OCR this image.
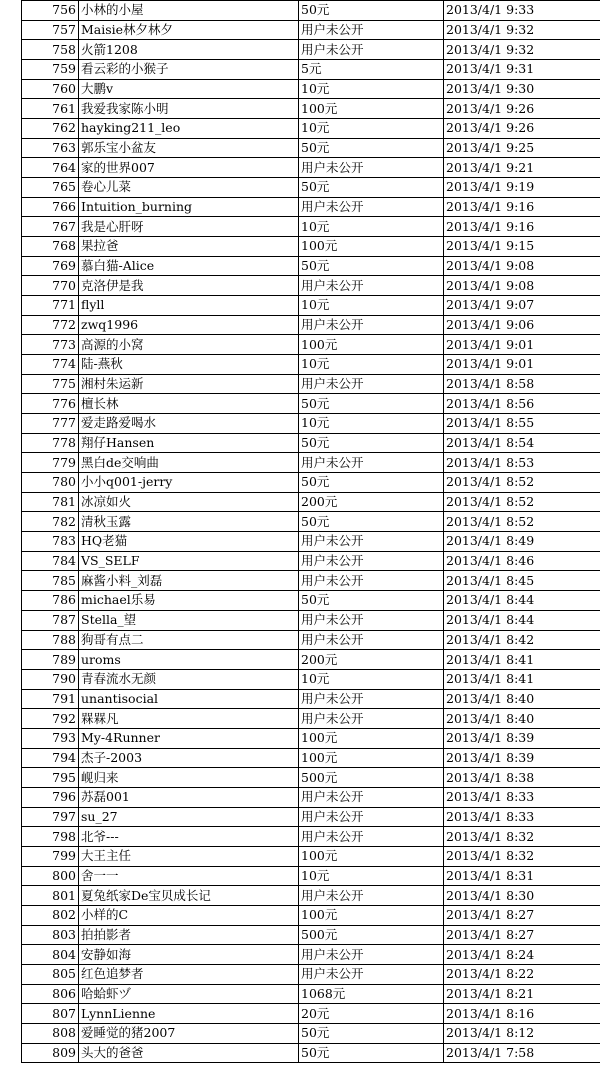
756	小林的小屋	50元	2013/4/1 9:33
757	Maisie林夕林夕	用户未公开	2013/4/1 9:32
758	火箭1208	用户未公开	2013/4/1 9:32
759	看云彩的小猴子	5元	2013/4/1 9:31
760	大鹏v	10元	2013/4/1 9:30
761	我爱我家陈小明	100元	2013/4/1 9:26
762	hayking211_leo	10元	2013/4/1 9:26
763	郭乐宝小盆友	50元	2013/4/1 9:25
764	家的世界007	用户未公开	2013/4/1 9:21
765	卷心儿菜	50元	2013/4/1 9:19
766	Intuition_burning	用户未公开	2013/4/1 9:16
767	我是心肝呀	10元	2013/4/1 9:16
768	果拉爸	100元	2013/4/1 9:15
769	慕白猫-Alice	50元	2013/4/1 9:08
770	克洛伊是我	用户未公开	2013/4/1 9:08
771	flyll	10元	2013/4/1 9:07
772	zwq1996	用户未公开	2013/4/1 9:06
773	高源的小窝	100元	2013/4/1 9:01
774	陆-燕秋	10元	2013/4/1 9:01
775	湘村朱运新	用户未公开	2013/4/1 8:58
776	檀长林	50元	2013/4/1 8:56
777	爱走路爱喝水	10元	2013/4/1 8:55
778	翔仔Hansen	50元	2013/4/1 8:54
779	黑白de交响曲	用户未公开	2013/4/1 8:53
780	小小q001-jerry	50元	2013/4/1 8:52
781	冰凉如火	200元	2013/4/1 8:52
782	清秋玉露	50元	2013/4/1 8:52
783	HQ老猫	用户未公开	2013/4/1 8:49
784	VS_SELF	用户未公开	2013/4/1 8:46
785	麻酱小料_刘磊	用户未公开	2013/4/1 8:45
786	michael乐易	50元	2013/4/1 8:44
787	Stella_望	用户未公开	2013/4/1 8:44
788	狗哥有点二	用户未公开	2013/4/1 8:42
789	uroms	200元	2013/4/1 8:41
790	青春流水无颜	10元	2013/4/1 8:41
791	unantisocial	用户未公开	2013/4/1 8:40
792	槑槑凡	用户未公开	2013/4/1 8:40
793	My-4Runner	100元	2013/4/1 8:39
794	杰子-2003	100元	2013/4/1 8:39
795	岘归来	500元	2013/4/1 8:38
796	苏磊001	用户未公开	2013/4/1 8:33
797	su_27	用户未公开	2013/4/1 8:33
798	北爷---	用户未公开	2013/4/1 8:32
799	大王主任	100元	2013/4/1 8:32
800	舍一一	10元	2013/4/1 8:31
801	夏兔纸家De宝贝成长记	用户未公开	2013/4/1 8:30
802	小样的C	100元	2013/4/1 8:27
803	拍拍影者	500元	2013/4/1 8:27
804	安静如海	用户未公开	2013/4/1 8:24
805	红色追梦者	用户未公开	2013/4/1 8:22
806	哈蛤虾ヅ	1068元	2013/4/1 8:21
807	LynnLienne	20元	2013/4/1 8:16
808	爱睡觉的猪2007	50元	2013/4/1 8:12
809	头大的爸爸	50元	2013/4/1 7:58
